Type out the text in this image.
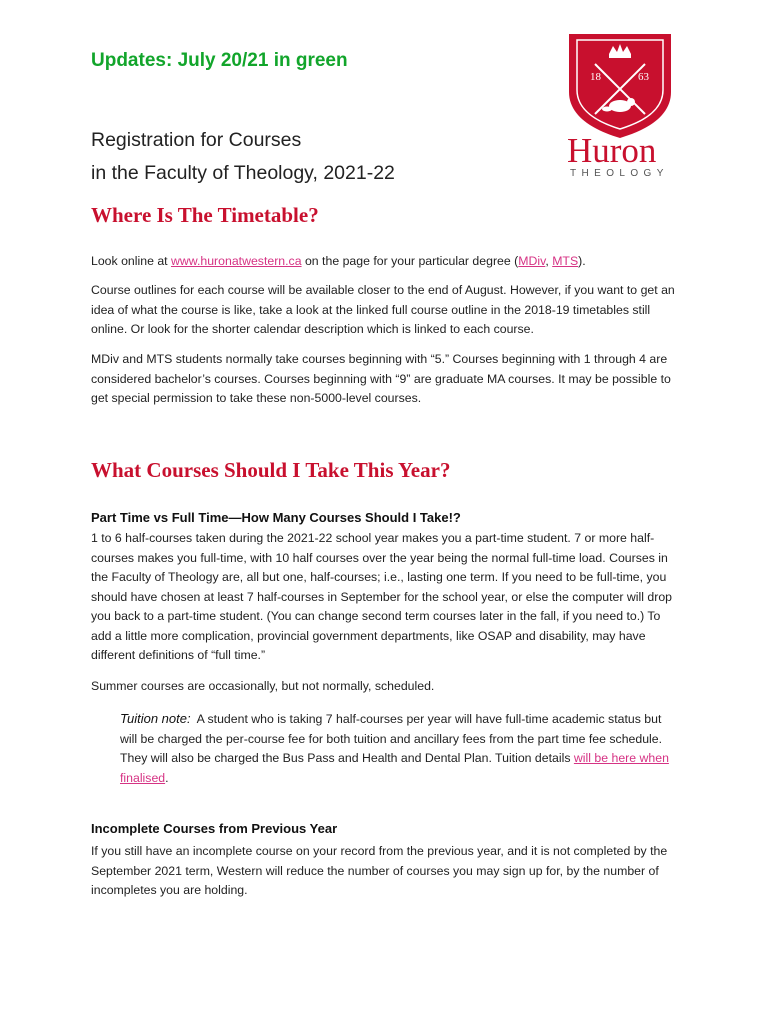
Updates: July 20/21 in green
Registration for Courses
in the Faculty of Theology, 2021-22
18	63
Huron
THEOLOGY
Where Is The Timetable?
Look online at www.huronatwestern.ca on the page for your particular degree (MDiv, MTS).
Course outlines for each course will be available closer to the end of August. However, if you want to get an idea of what the course is like, take a look at the linked full course outline in the 2018-19 timetables still online. Or look for the shorter calendar description which is linked to each course.
MDiv and MTS students normally take courses beginning with “5.” Courses beginning with 1 through 4 are considered bachelor’s courses. Courses beginning with “9” are graduate MA courses. It may be possible to get special permission to take these non-5000-level courses.
What Courses Should I Take This Year?
Part Time vs Full Time—How Many Courses Should I Take!?
1 to 6 half-courses taken during the 2021-22 school year makes you a part-time student. 7 or more half-courses makes you full-time, with 10 half courses over the year being the normal full-time load. Courses in the Faculty of Theology are, all but one, half-courses; i.e., lasting one term. If you need to be full-time, you should have chosen at least 7 half-courses in September for the school year, or else the computer will drop you back to a part-time student. (You can change second term courses later in the fall, if you need to.) To add a little more complication, provincial government departments, like OSAP and disability, may have different definitions of “full time.”
Summer courses are occasionally, but not normally, scheduled.
Tuition note: A student who is taking 7 half-courses per year will have full-time academic status but will be charged the per-course fee for both tuition and ancillary fees from the part time fee schedule. They will also be charged the Bus Pass and Health and Dental Plan. Tuition details will be here when finalised.
Incomplete Courses from Previous Year
If you still have an incomplete course on your record from the previous year, and it is not completed by the September 2021 term, Western will reduce the number of courses you may sign up for, by the number of incompletes you are holding.
